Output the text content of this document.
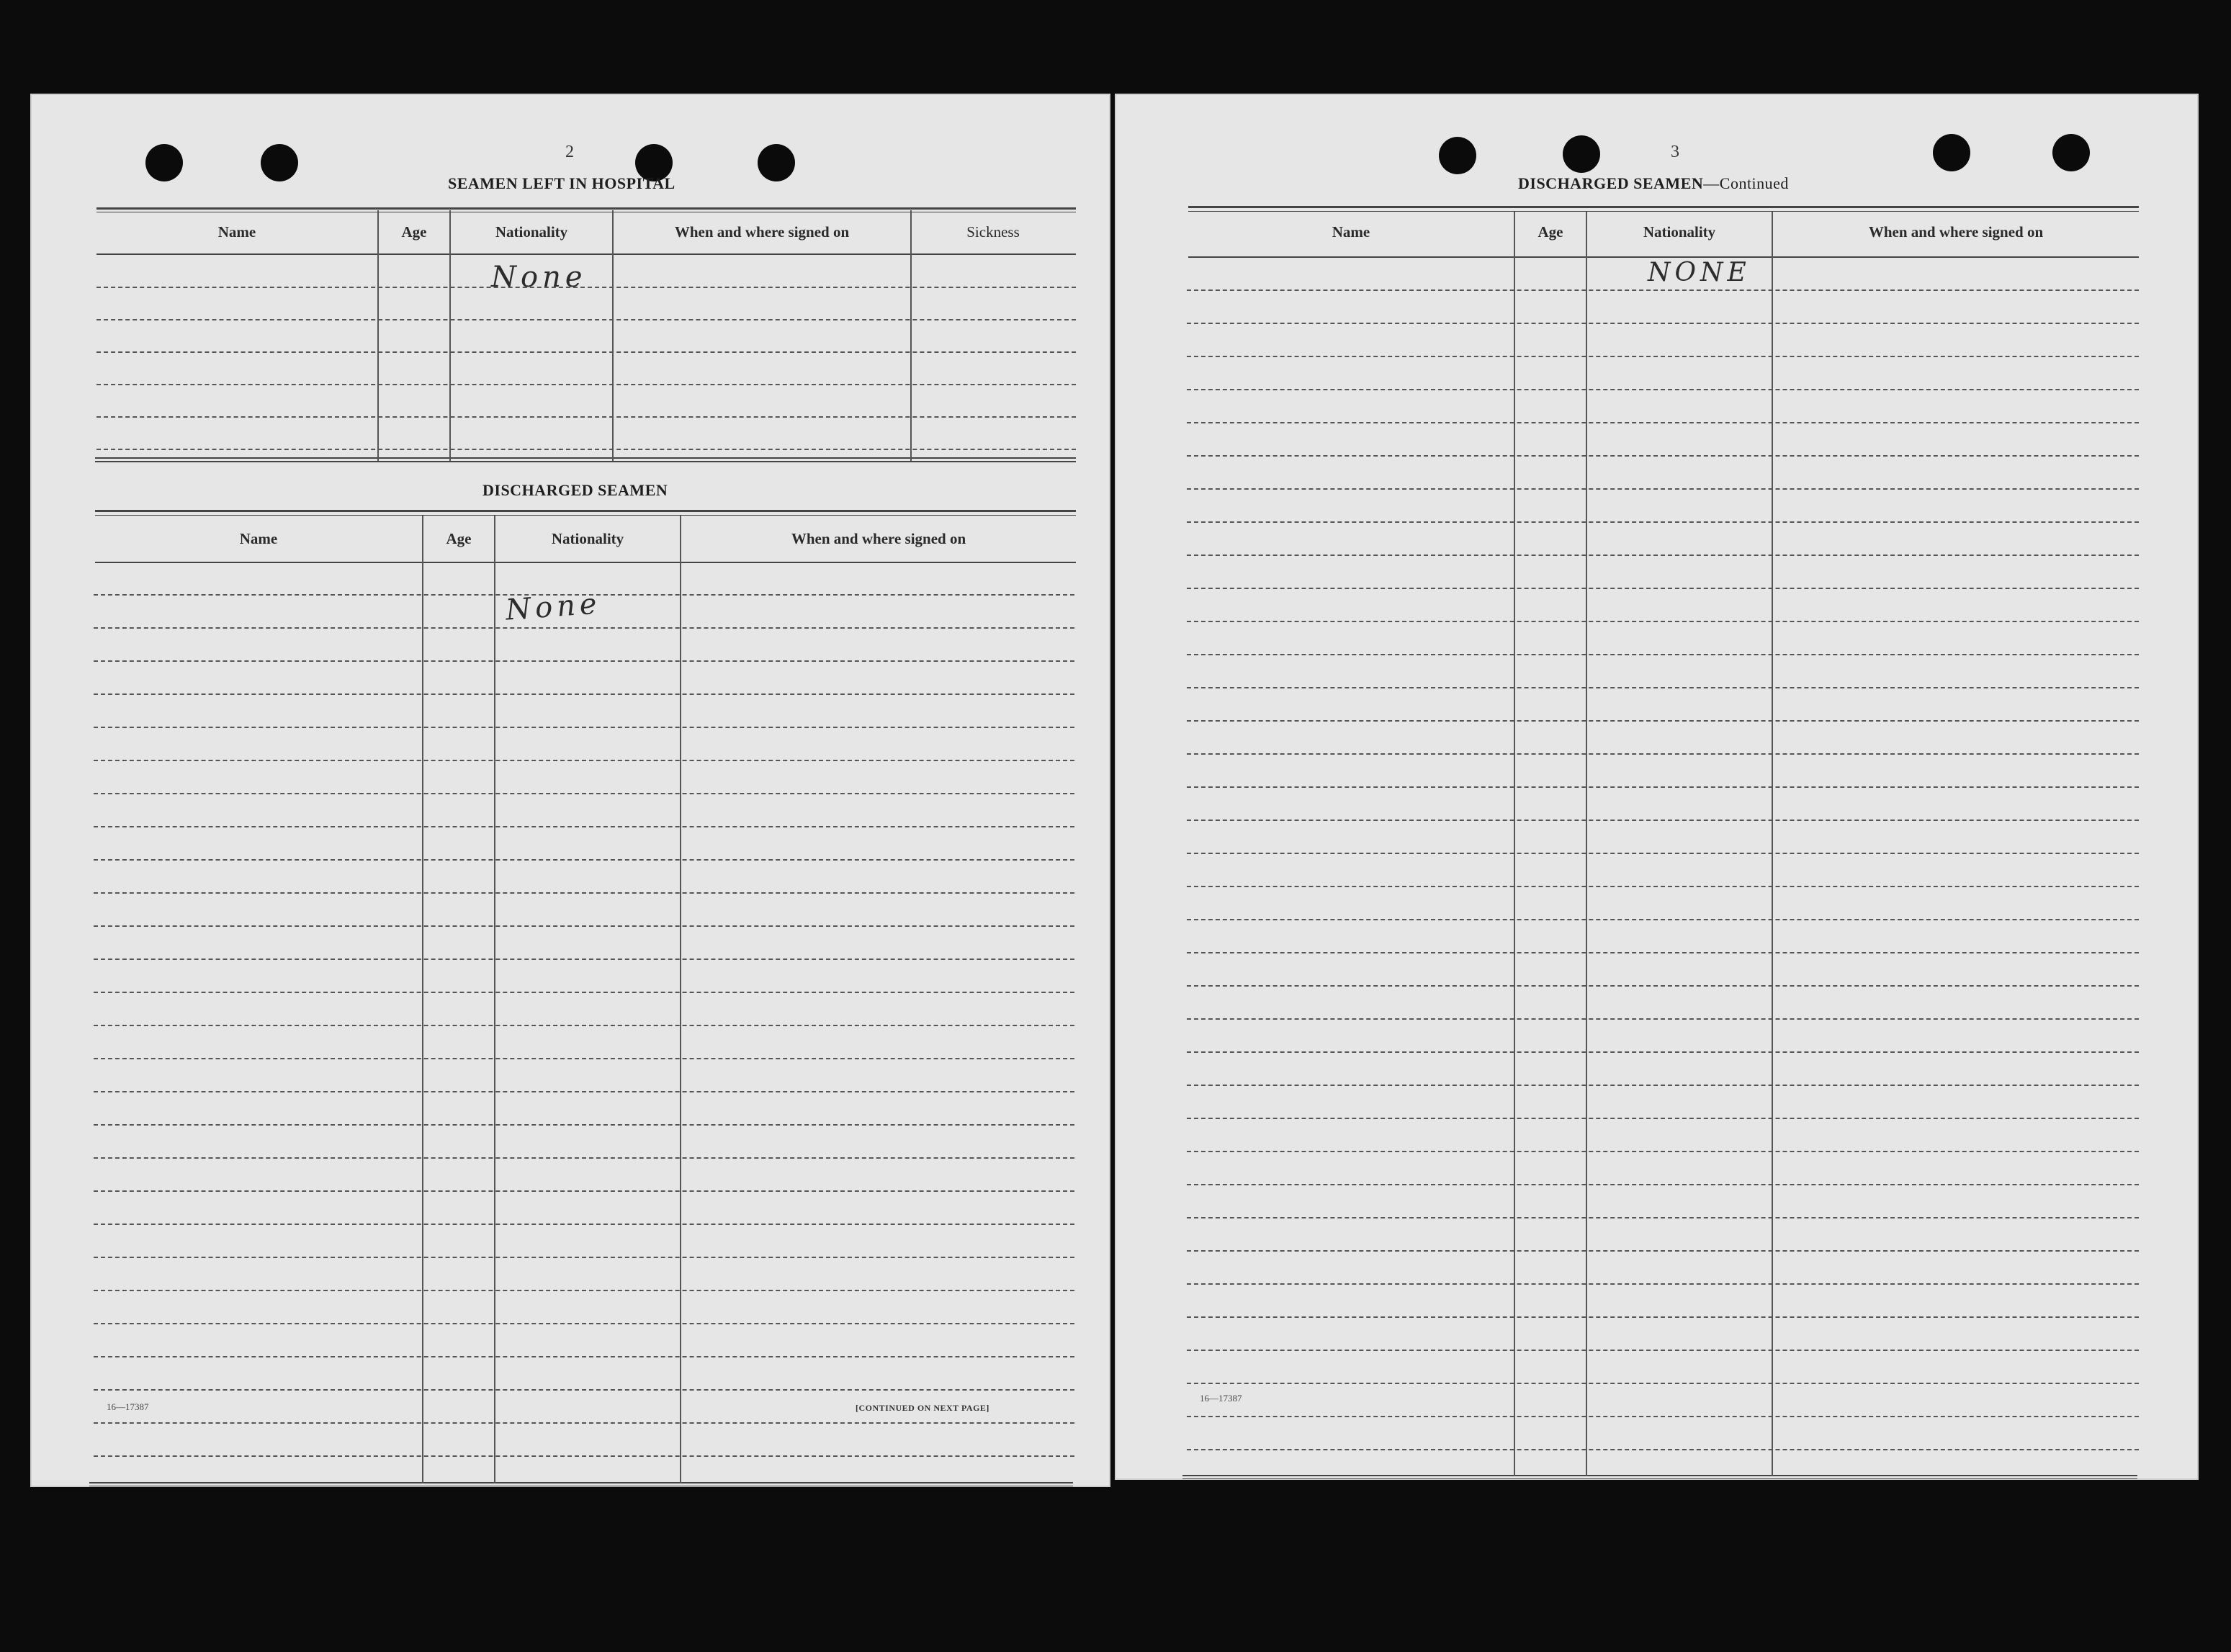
2
SEAMEN LEFT IN HOSPITAL
Name	Age	Nationality	When and where signed on	Sickness
None
DISCHARGED SEAMEN
Name	Age	Nationality	When and where signed on
None
16—17387	[CONTINUED ON NEXT PAGE]
3
DISCHARGED SEAMEN—Continued
Name	Age	Nationality	When and where signed on
NONE
16—17387
